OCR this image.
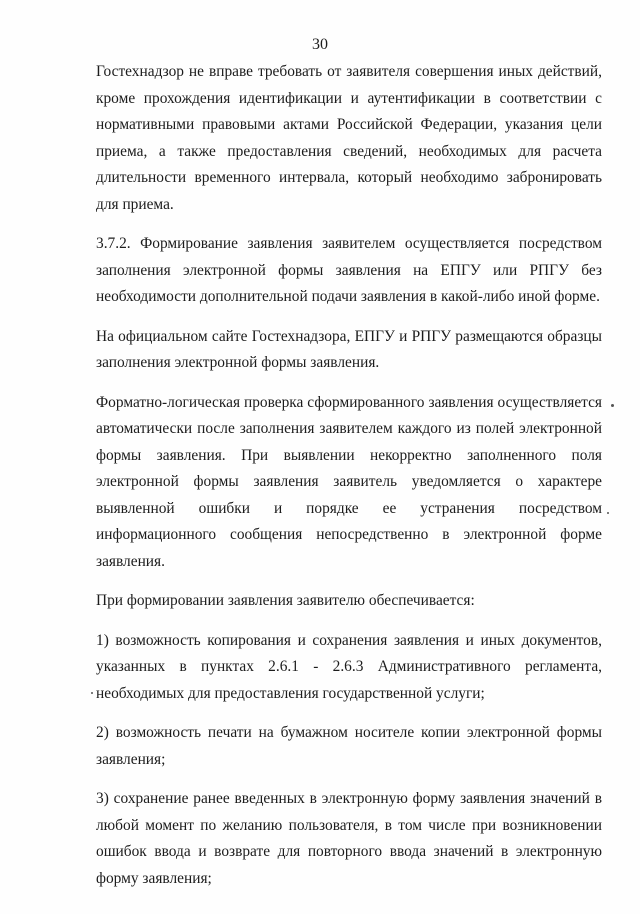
30

Гостехнадзор не вправе требовать от заявителя совершения иных действий, кроме прохождения идентификации и аутентификации в соответствии с нормативными правовыми актами Российской Федерации, указания цели приема, а также предоставления сведений, необходимых для расчета длительности временного интервала, который необходимо забронировать для приема.

3.7.2. Формирование заявления заявителем осуществляется посредством заполнения электронной формы заявления на ЕПГУ или РПГУ без необходимости дополнительной подачи заявления в какой-либо иной форме.

На официальном сайте Гостехнадзора, ЕПГУ и РПГУ размещаются образцы заполнения электронной формы заявления.

Форматно-логическая проверка сформированного заявления осуществляется автоматически после заполнения заявителем каждого из полей электронной формы заявления. При выявлении некорректно заполненного поля электронной формы заявления заявитель уведомляется о характере выявленной ошибки и порядке ее устранения посредством информационного сообщения непосредственно в электронной форме заявления.

При формировании заявления заявителю обеспечивается:

1) возможность копирования и сохранения заявления и иных документов, указанных в пунктах 2.6.1 - 2.6.3 Административного регламента, необходимых для предоставления государственной услуги;

2) возможность печати на бумажном носителе копии электронной формы заявления;

3) сохранение ранее введенных в электронную форму заявления значений в любой момент по желанию пользователя, в том числе при возникновении ошибок ввода и возврате для повторного ввода значений в электронную форму заявления;
